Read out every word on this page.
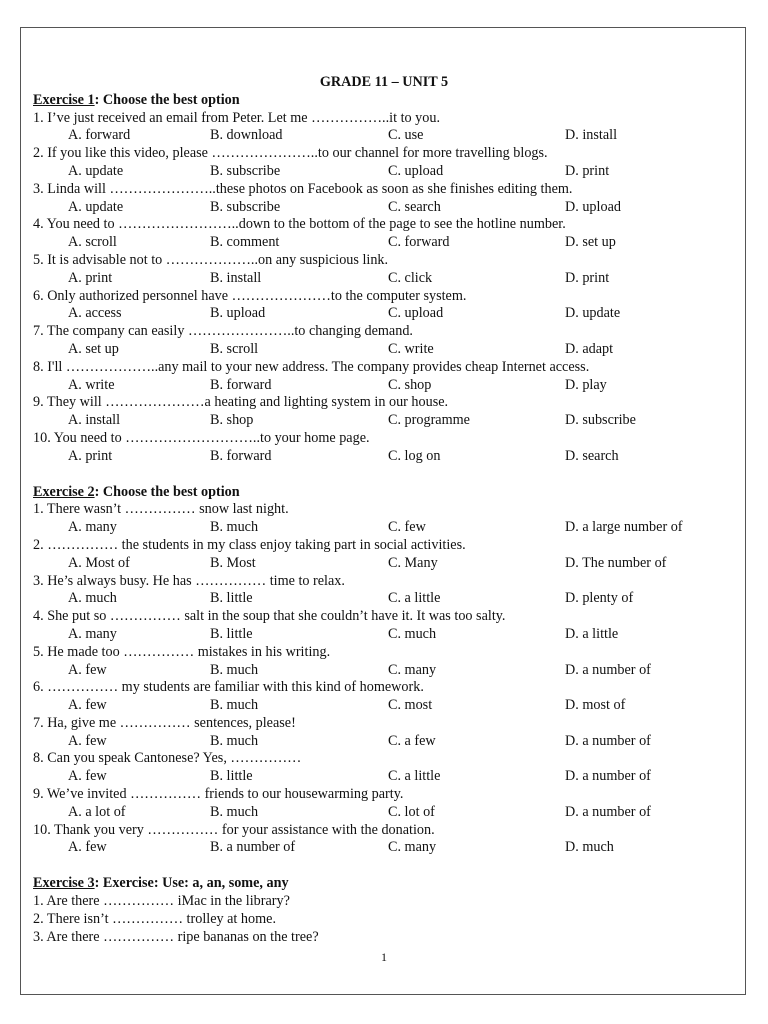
GRADE 11 – UNIT 5
Exercise 1: Choose the best option
1. I’ve just received an email from Peter. Let me ……………..it to you.
A. forward	B. download	C. use	D. install
2. If you like this video, please …………………..to our channel for more travelling blogs.
A. update	B. subscribe	C. upload	D. print
3. Linda will …………………..these photos on Facebook as soon as she finishes editing them.
A. update	B. subscribe	C. search	D. upload
4. You need to ……………………..down to the bottom of the page to see the hotline number.
A. scroll	B. comment	C. forward	D. set up
5. It is advisable not to ………………..on any suspicious link.
A. print	B. install	C. click	D. print
6. Only authorized personnel have …………………to the computer system.
A. access	B. upload	C. upload	D. update
7. The company can easily …………………..to changing demand.
A. set up	B. scroll	C. write	D. adapt
8. I'll ………………..any mail to your new address. The company provides cheap Internet access.
A. write	B. forward	C. shop	D. play
9. They will …………………a heating and lighting system in our house.
A. install	B. shop	C. programme	D. subscribe
10. You need to ………………………..to your home page.
A. print	B. forward	C. log on	D. search
Exercise 2: Choose the best option
1. There wasn’t …………… snow last night.
A. many	B. much	C. few	D. a large number of
2. …………… the students in my class enjoy taking part in social activities.
A. Most of	B. Most	C. Many	D. The number of
3. He’s always busy. He has …………… time to relax.
A. much	B. little	C. a little	D. plenty of
4. She put so …………… salt in the soup that she couldn’t have it. It was too salty.
A. many	B. little	C. much	D. a little
5. He made too …………… mistakes in his writing.
A. few	B. much	C. many	D. a number of
6. …………… my students are familiar with this kind of homework.
A. few	B. much	C. most	D. most of
7. Ha, give me …………… sentences, please!
A. few	B. much	C. a few	D. a number of
8. Can you speak Cantonese? Yes, ……………
A. few	B. little	C. a little	D. a number of
9. We’ve invited …………… friends to our housewarming party.
A. a lot of	B. much	C. lot of	D. a number of
10. Thank you very …………… for your assistance with the donation.
A. few	B. a number of	C. many	D. much
Exercise 3: Exercise: Use: a, an, some, any
1. Are there …………… iMac in the library?
2. There isn’t …………… trolley at home.
3. Are there …………… ripe bananas on the tree?
1
